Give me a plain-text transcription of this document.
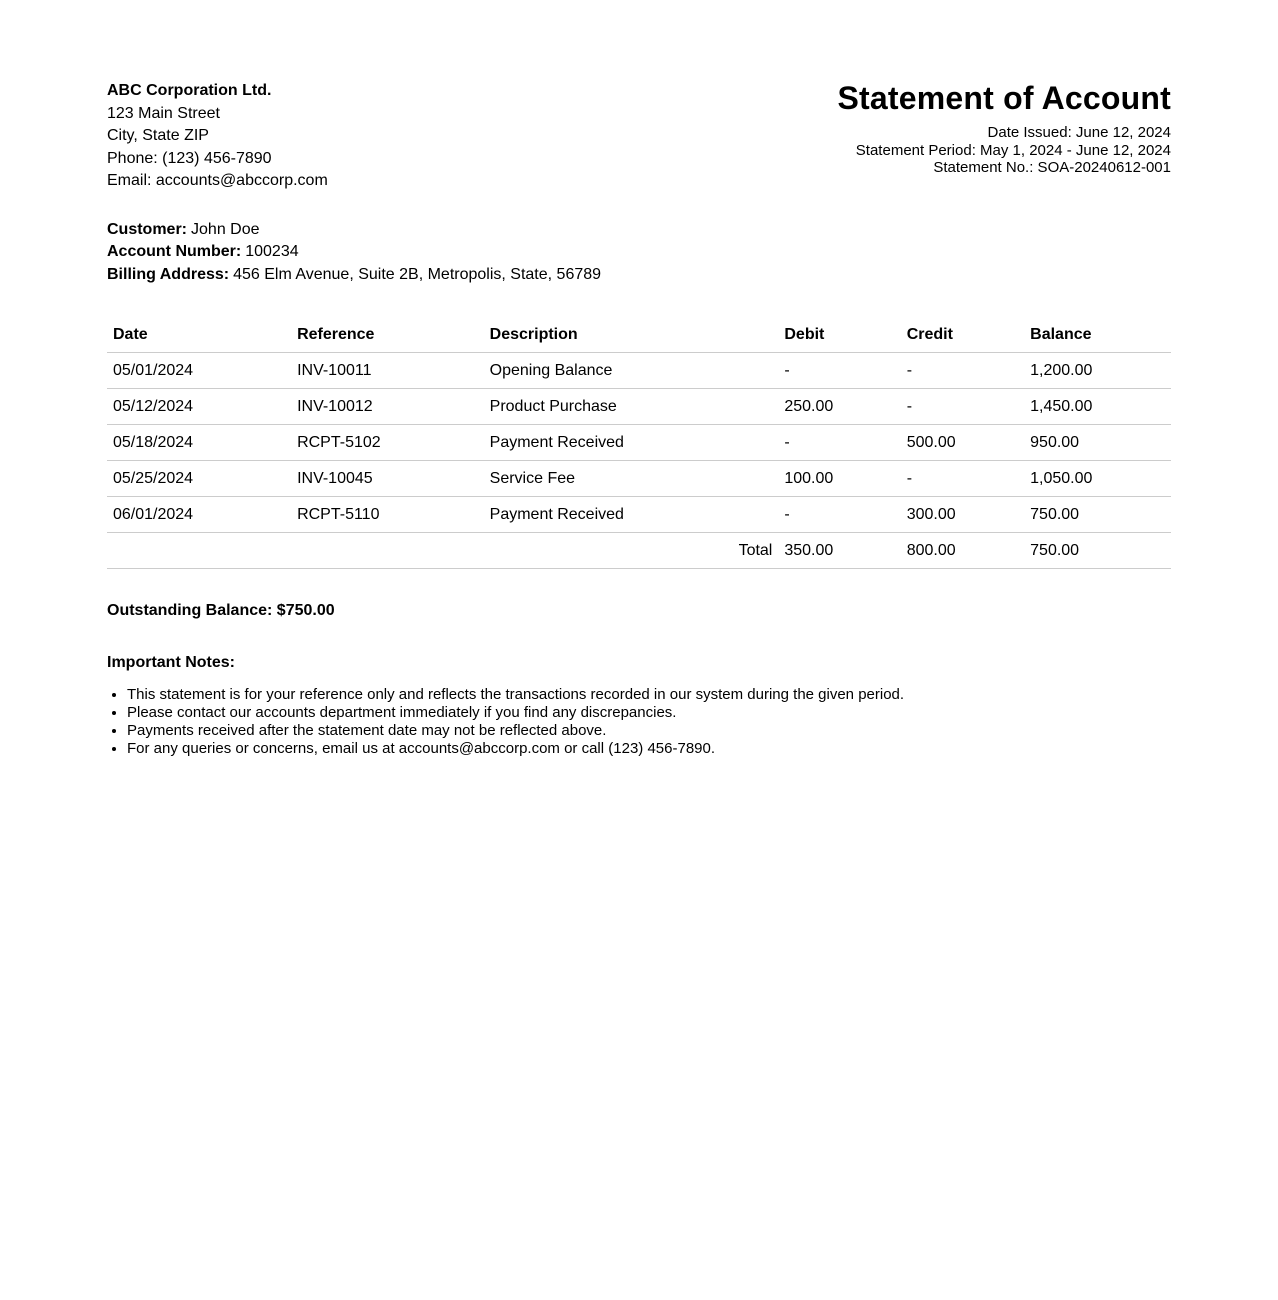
ABC Corporation Ltd.
123 Main Street
City, State ZIP
Phone: (123) 456-7890
Email: accounts@abccorp.com
Statement of Account
Date Issued: June 12, 2024
Statement Period: May 1, 2024 - June 12, 2024
Statement No.: SOA-20240612-001
Customer: John Doe
Account Number: 100234
Billing Address: 456 Elm Avenue, Suite 2B, Metropolis, State, 56789
Date	Reference	Description	Debit	Credit	Balance
05/01/2024	INV-10011	Opening Balance	-	-	1,200.00
05/12/2024	INV-10012	Product Purchase	250.00	-	1,450.00
05/18/2024	RCPT-5102	Payment Received	-	500.00	950.00
05/25/2024	INV-10045	Service Fee	100.00	-	1,050.00
06/01/2024	RCPT-5110	Payment Received	-	300.00	750.00
		Total	350.00	800.00	750.00
Outstanding Balance: $750.00
Important Notes:
• This statement is for your reference only and reflects the transactions recorded in our system during the given period.
• Please contact our accounts department immediately if you find any discrepancies.
• Payments received after the statement date may not be reflected above.
• For any queries or concerns, email us at accounts@abccorp.com or call (123) 456-7890.
